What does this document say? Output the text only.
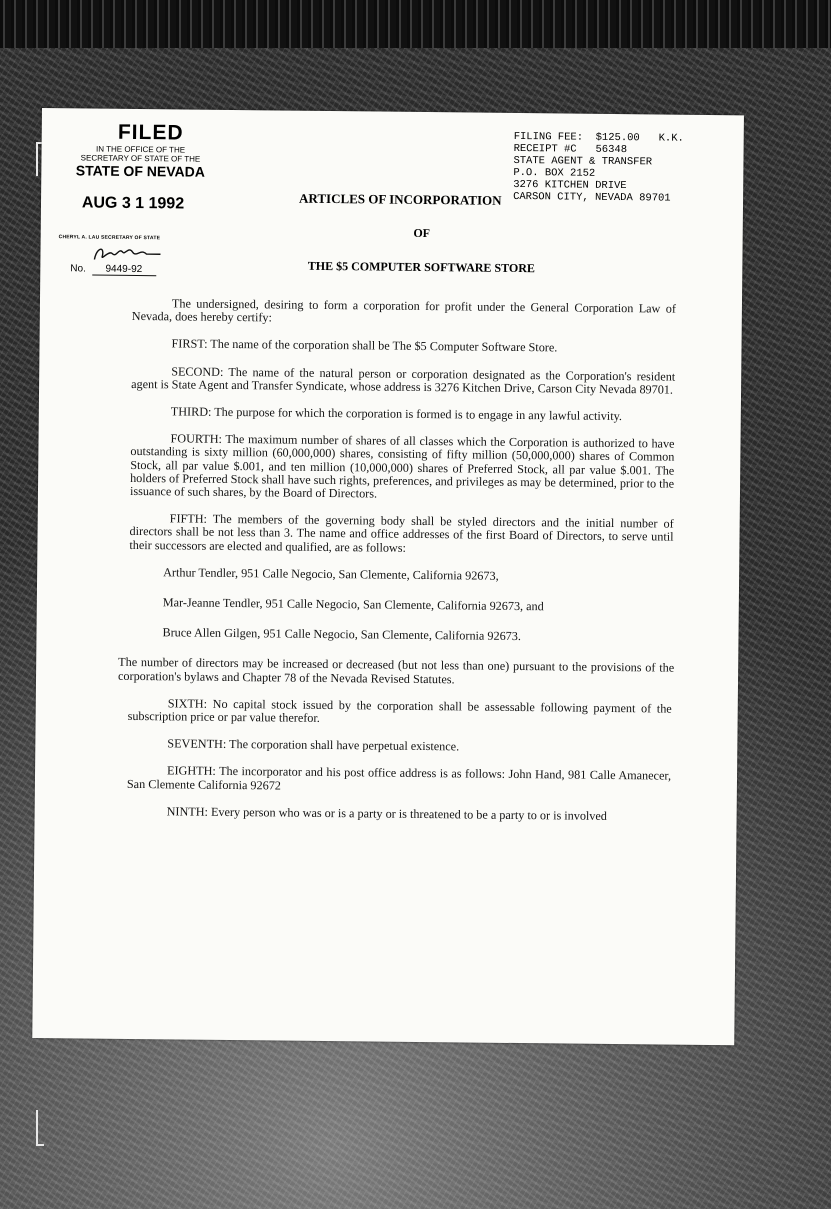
FILED
IN THE OFFICE OF THE
SECRETARY OF STATE OF THE
STATE OF NEVADA
AUG 3 1 1992
CHERYL A. LAU SECRETARY OF STATE
No. 9449-92
FILING FEE: $125.00 K.K.
RECEIPT #C 56348
STATE AGENT & TRANSFER
P.O. BOX 2152
3276 KITCHEN DRIVE
CARSON CITY, NEVADA 89701
ARTICLES OF INCORPORATION
OF
THE $5 COMPUTER SOFTWARE STORE

The undersigned, desiring to form a corporation for profit under the General Corporation Law of Nevada, does hereby certify:

FIRST: The name of the corporation shall be The $5 Computer Software Store.

SECOND: The name of the natural person or corporation designated as the Corporation's resident agent is State Agent and Transfer Syndicate, whose address is 3276 Kitchen Drive, Carson City Nevada 89701.

THIRD: The purpose for which the corporation is formed is to engage in any lawful activity.

FOURTH: The maximum number of shares of all classes which the Corporation is authorized to have outstanding is sixty million (60,000,000) shares, consisting of fifty million (50,000,000) shares of Common Stock, all par value $.001, and ten million (10,000,000) shares of Preferred Stock, all par value $.001. The holders of Preferred Stock shall have such rights, preferences, and privileges as may be determined, prior to the issuance of such shares, by the Board of Directors.

FIFTH: The members of the governing body shall be styled directors and the initial number of directors shall be not less than 3. The name and office addresses of the first Board of Directors, to serve until their successors are elected and qualified, are as follows:

Arthur Tendler, 951 Calle Negocio, San Clemente, California 92673,

Mar-Jeanne Tendler, 951 Calle Negocio, San Clemente, California 92673, and

Bruce Allen Gilgen, 951 Calle Negocio, San Clemente, California 92673.

The number of directors may be increased or decreased (but not less than one) pursuant to the provisions of the corporation's bylaws and Chapter 78 of the Nevada Revised Statutes.

SIXTH: No capital stock issued by the corporation shall be assessable following payment of the subscription price or par value therefor.

SEVENTH: The corporation shall have perpetual existence.

EIGHTH: The incorporator and his post office address is as follows: John Hand, 981 Calle Amanecer, San Clemente California 92672

NINTH: Every person who was or is a party or is threatened to be a party to or is involved
